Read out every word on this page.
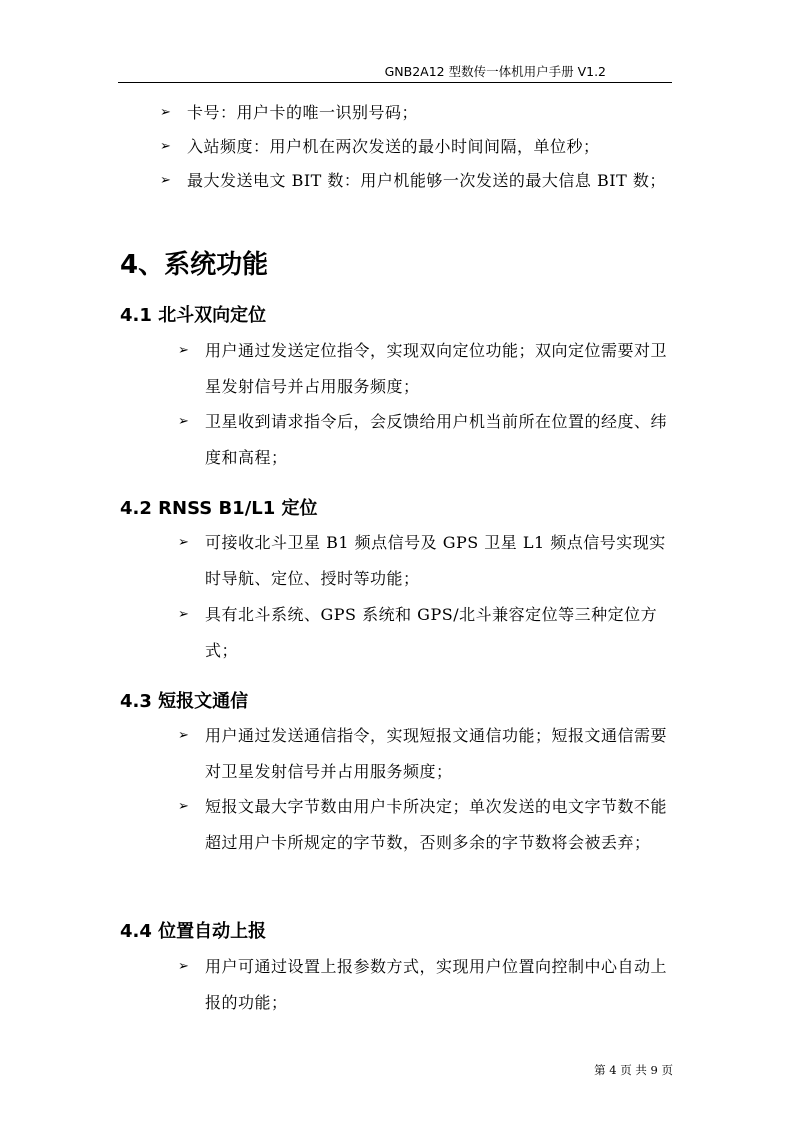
GNB2A12 型数传一体机用户手册 V1.2
➢ 卡号：用户卡的唯一识别号码；
➢ 入站频度：用户机在两次发送的最小时间间隔，单位秒；
➢ 最大发送电文 BIT 数：用户机能够一次发送的最大信息 BIT 数；
4、系统功能
4.1 北斗双向定位
➢ 用户通过发送定位指令，实现双向定位功能；双向定位需要对卫星发射信号并占用服务频度；
➢ 卫星收到请求指令后，会反馈给用户机当前所在位置的经度、纬度和高程；
4.2 RNSS B1/L1 定位
➢ 可接收北斗卫星 B1 频点信号及 GPS 卫星 L1 频点信号实现实时导航、定位、授时等功能；
➢ 具有北斗系统、GPS 系统和 GPS/北斗兼容定位等三种定位方式；
4.3 短报文通信
➢ 用户通过发送通信指令，实现短报文通信功能；短报文通信需要对卫星发射信号并占用服务频度；
➢ 短报文最大字节数由用户卡所决定；单次发送的电文字节数不能超过用户卡所规定的字节数，否则多余的字节数将会被丢弃；
4.4 位置自动上报
➢ 用户可通过设置上报参数方式，实现用户位置向控制中心自动上报的功能；
第 4 页 共 9 页
